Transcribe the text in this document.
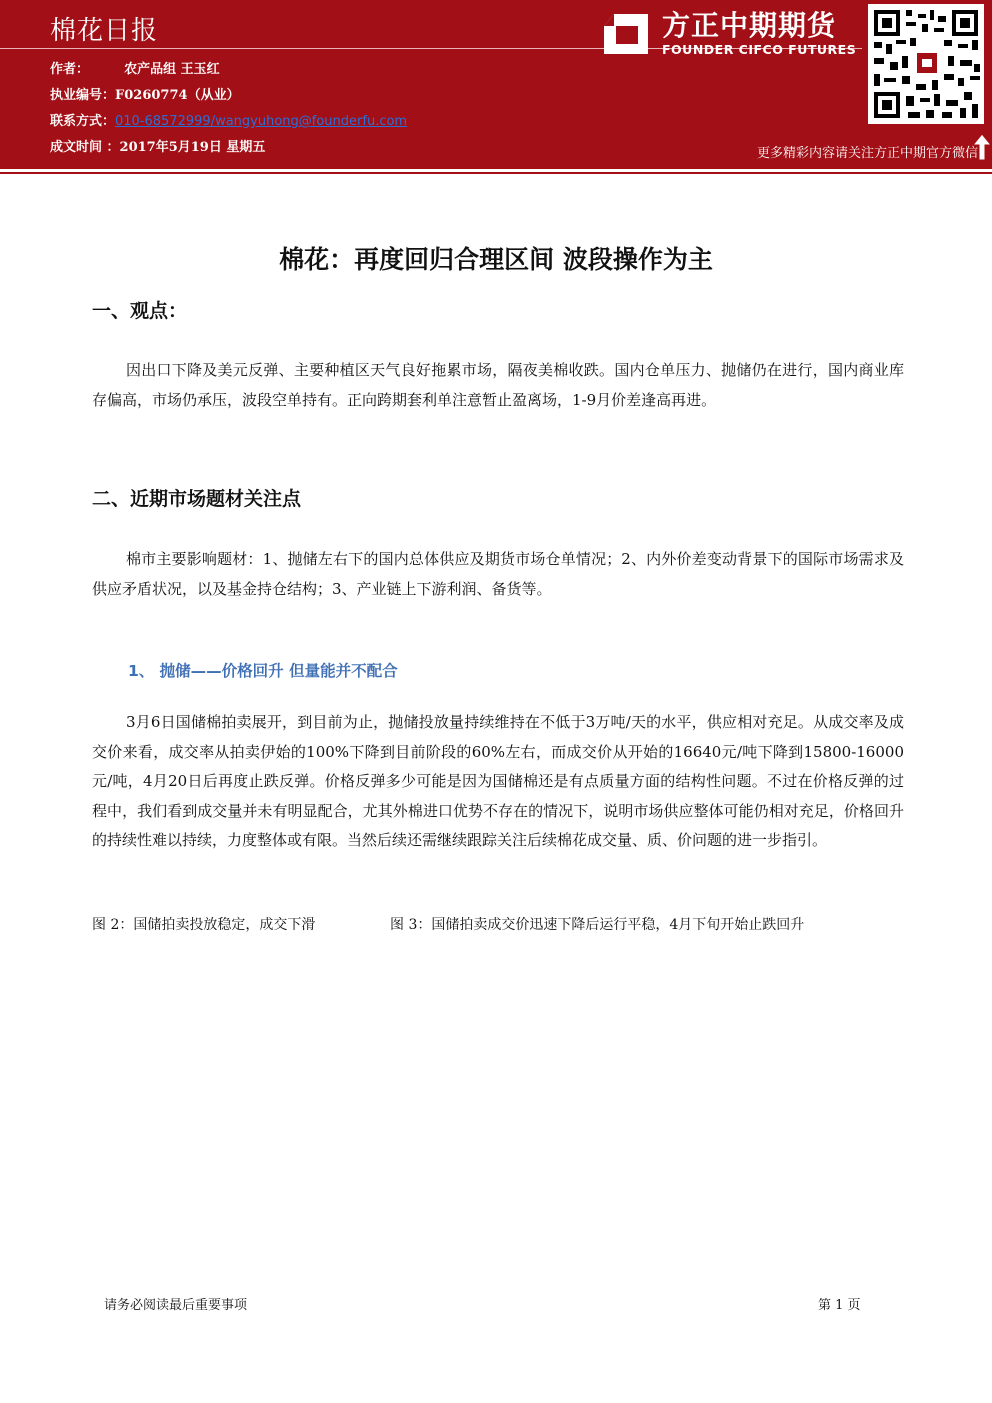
棉花日报
作者：	农产品组 王玉红
执业编号：F0260774（从业）
联系方式：010-68572999/wangyuhong@founderfu.com
成文时间 ：2017年5月19日 星期五
方正中期期货
FOUNDER CIFCO FUTURES
更多精彩内容请关注方正中期官方微信
棉花：再度回归合理区间 波段操作为主
一、观点：
因出口下降及美元反弹、主要种植区天气良好拖累市场，隔夜美棉收跌。国内仓单压力、抛储仍在进行，国内商业库存偏高，市场仍承压，波段空单持有。正向跨期套利单注意暂止盈离场，1-9月价差逢高再进。
二、近期市场题材关注点
棉市主要影响题材：1、抛储左右下的国内总体供应及期货市场仓单情况；2、内外价差变动背景下的国际市场需求及供应矛盾状况，以及基金持仓结构；3、产业链上下游利润、备货等。
1、 抛储——价格回升 但量能并不配合
3月6日国储棉拍卖展开，到目前为止，抛储投放量持续维持在不低于3万吨/天的水平，供应相对充足。从成交率及成交价来看，成交率从拍卖伊始的100%下降到目前阶段的60%左右，而成交价从开始的16640元/吨下降到15800-16000元/吨，4月20日后再度止跌反弹。价格反弹多少可能是因为国储棉还是有点质量方面的结构性问题。不过在价格反弹的过程中，我们看到成交量并未有明显配合，尤其外棉进口优势不存在的情况下，说明市场供应整体可能仍相对充足，价格回升的持续性难以持续，力度整体或有限。当然后续还需继续跟踪关注后续棉花成交量、质、价问题的进一步指引。
图 2：国储拍卖投放稳定，成交下滑	图 3：国储拍卖成交价迅速下降后运行平稳，4月下旬开始止跌回升
请务必阅读最后重要事项	第 1 页
